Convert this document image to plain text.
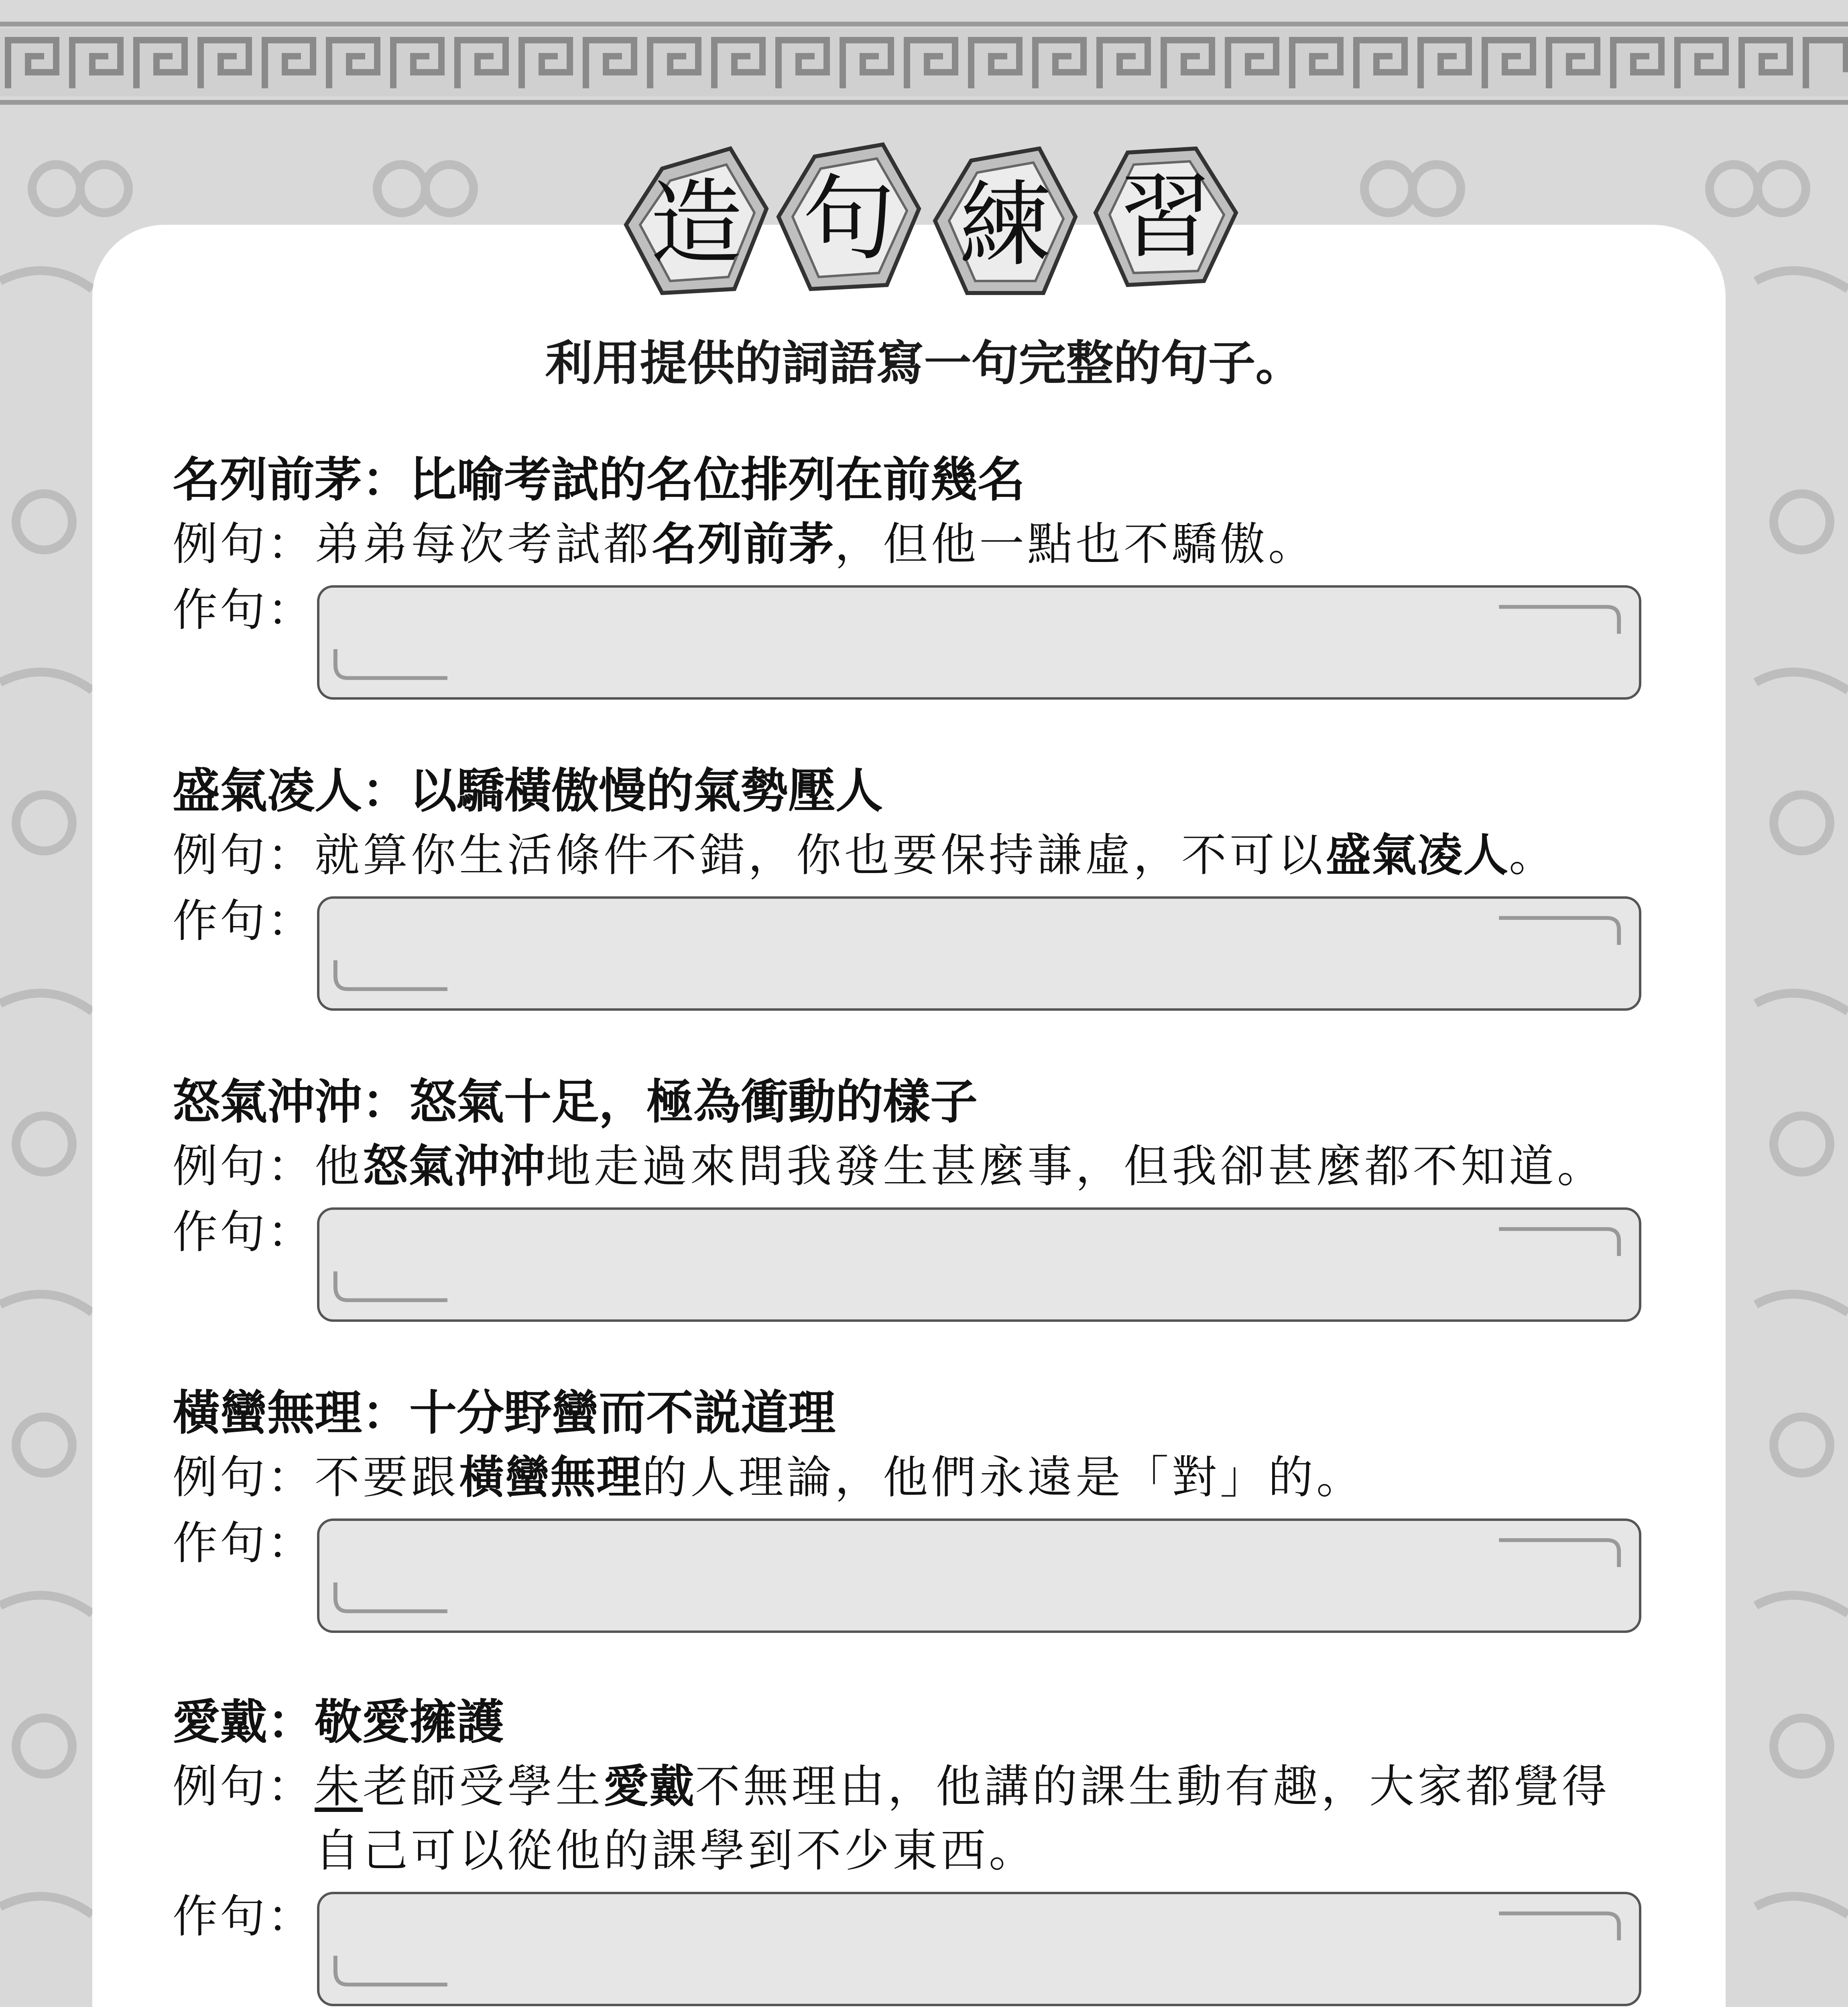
造 句 練 習
利用提供的詞語寫一句完整的句子。
名列前茅：比喻考試的名位排列在前幾名
例句： 弟弟每次考試都名列前茅，但他一點也不驕傲。
作句：
盛氣凌人：以驕橫傲慢的氣勢壓人
例句： 就算你生活條件不錯，你也要保持謙虛，不可以盛氣凌人。
作句：
怒氣沖沖：怒氣十足，極為衝動的樣子
例句： 他怒氣沖沖地走過來問我發生甚麼事，但我卻甚麼都不知道。
作句：
橫蠻無理：十分野蠻而不説道理
例句： 不要跟橫蠻無理的人理論，他們永遠是「對」的。
作句：
愛戴：敬愛擁護
例句： 朱老師受學生愛戴不無理由，他講的課生動有趣，大家都覺得自己可以從他的課學到不少東西。
作句：
